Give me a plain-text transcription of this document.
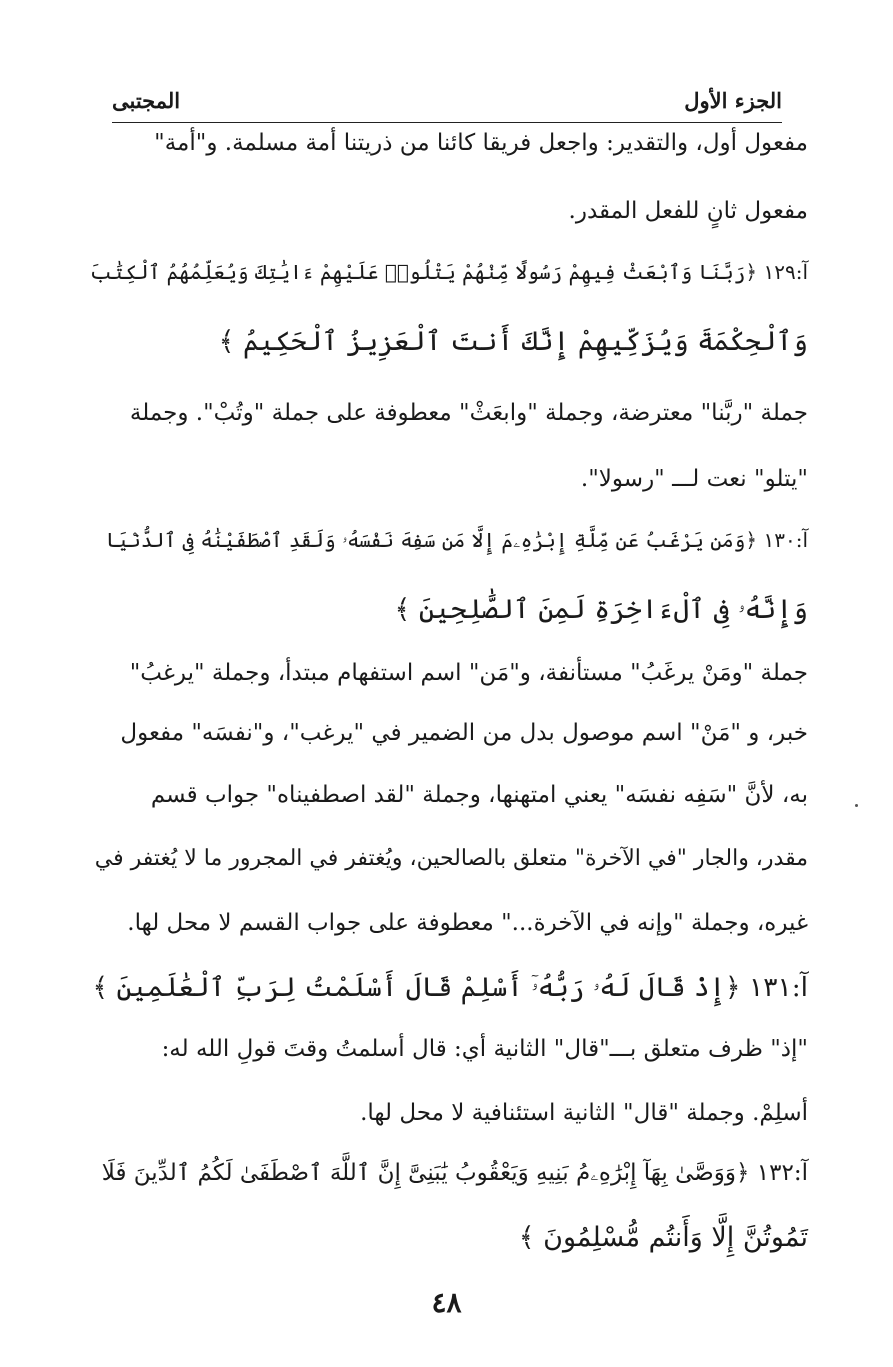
الجزء الأول
المجتبى
مفعول أول، والتقدير: واجعل فريقا كائنا من ذريتنا أمة مسلمة. و"أمة"
مفعول ثانٍ للفعل المقدر.
آ:١٢٩ ﴿رَبَّنَا وَٱبْعَثْ فِيهِمْ رَسُولًا مِّنْهُمْ يَتْلُوا۟ عَلَيْهِمْ ءَايَٰتِكَ وَيُعَلِّمُهُمُ ٱلْكِتَٰبَ
وَٱلْحِكْمَةَ وَيُزَكِّيهِمْ إِنَّكَ أَنتَ ٱلْعَزِيزُ ٱلْحَكِيمُ ﴾
جملة "ربَّنا" معترضة، وجملة "وابعَثْ" معطوفة على جملة "وتُبْ". وجملة
"يتلو" نعت لـــ "رسولا".
آ:١٣٠ ﴿وَمَن يَرْغَبُ عَن مِّلَّةِ إِبْرَٰهِۦمَ إِلَّا مَن سَفِهَ نَفْسَهُۥ وَلَقَدِ ٱصْطَفَيْنَٰهُ فِى ٱلدُّنْيَا
وَإِنَّهُۥ فِى ٱلْءَاخِرَةِ لَمِنَ ٱلصَّٰلِحِينَ ﴾
جملة "ومَنْ يرغَبُ" مستأنفة، و"مَن" اسم استفهام مبتدأ، وجملة "يرغبُ"
خبر، و "مَنْ" اسم موصول بدل من الضمير في "يرغب"، و"نفسَه" مفعول
به، لأنَّ "سَفِه نفسَه" يعني امتهنها، وجملة "لقد اصطفيناه" جواب قسم
مقدر، والجار "في الآخرة" متعلق بالصالحين، ويُغتفر في المجرور ما لا يُغتفر في
غيره، وجملة "وإنه في الآخرة..." معطوفة على جواب القسم لا محل لها.
آ:١٣١ ﴿إِذْ قَالَ لَهُۥ رَبُّهُۥٓ أَسْلِمْ قَالَ أَسْلَمْتُ لِرَبِّ ٱلْعَٰلَمِينَ ﴾
"إذ" ظرف متعلق بـــ"قال" الثانية أي: قال أسلمتُ وقتَ قولِ الله له:
أسلِمْ. وجملة "قال" الثانية استئنافية لا محل لها.
آ:١٣٢ ﴿وَوَصَّىٰ بِهَآ إِبْرَٰهِۦمُ بَنِيهِ وَيَعْقُوبُ يَٰبَنِىَّ إِنَّ ٱللَّهَ ٱصْطَفَىٰ لَكُمُ ٱلدِّينَ فَلَا
تَمُوتُنَّ إِلَّا وَأَنتُم مُّسْلِمُونَ ﴾
٤٨
